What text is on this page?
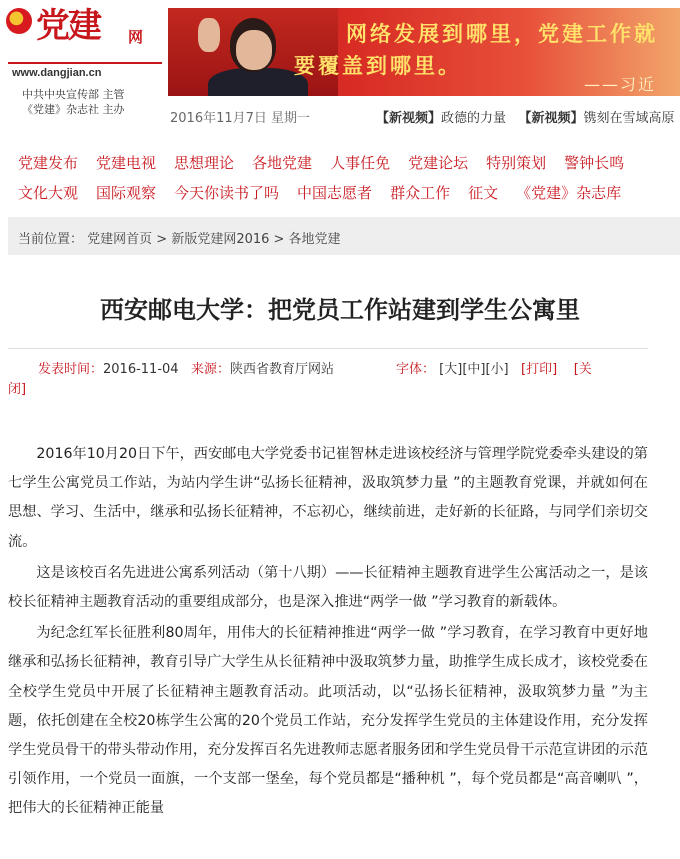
党建 网
www.dangjian.cn
中共中央宣传部 主管
《党建》杂志社 主办
网络发展到哪里，党建工作就
要覆盖到哪里。
——习近
2016年11月7日 星期一	【新视频】政德的力量 【新视频】镌刻在雪域高原
党建发布 党建电视 思想理论 各地党建 人事任免 党建论坛 特别策划 警钟长鸣
文化大观 国际观察 今天你读书了吗 中国志愿者 群众工作 征文 《党建》杂志库
当前位置： 党建网首页 > 新版党建网2016 > 各地党建
西安邮电大学：把党员工作站建到学生公寓里
发表时间：2016-11-04 来源：陕西省教育厅网站	字体： [大][中][小] [打印] [关
闭]

2016年10月20日下午，西安邮电大学党委书记崔智林走进该校经济与管理学院党委牵头建设的第七学生公寓党员工作站，为站内学生讲“弘扬长征精神，汲取筑梦力量 ”的主题教育党课，并就如何在思想、学习、生活中，继承和弘扬长征精神，不忘初心，继续前进，走好新的长征路，与同学们亲切交流。

这是该校百名先进进公寓系列活动（第十八期）——长征精神主题教育进学生公寓活动之一，是该校长征精神主题教育活动的重要组成部分，也是深入推进“两学一做 ”学习教育的新载体。

为纪念红军长征胜利80周年，用伟大的长征精神推进“两学一做 ”学习教育，在学习教育中更好地继承和弘扬长征精神，教育引导广大学生从长征精神中汲取筑梦力量，助推学生成长成才，该校党委在全校学生党员中开展了长征精神主题教育活动。此项活动，以“弘扬长征精神，汲取筑梦力量 ”为主题，依托创建在全校20栋学生公寓的20个党员工作站，充分发挥学生党员的主体建设作用，充分发挥学生党员骨干的带头带动作用，充分发挥百名先进教师志愿者服务团和学生党员骨干示范宣讲团的示范引领作用，一个党员一面旗，一个支部一堡垒，每个党员都是“播种机 ”，每个党员都是“高音喇叭 ”，把伟大的长征精神正能量
